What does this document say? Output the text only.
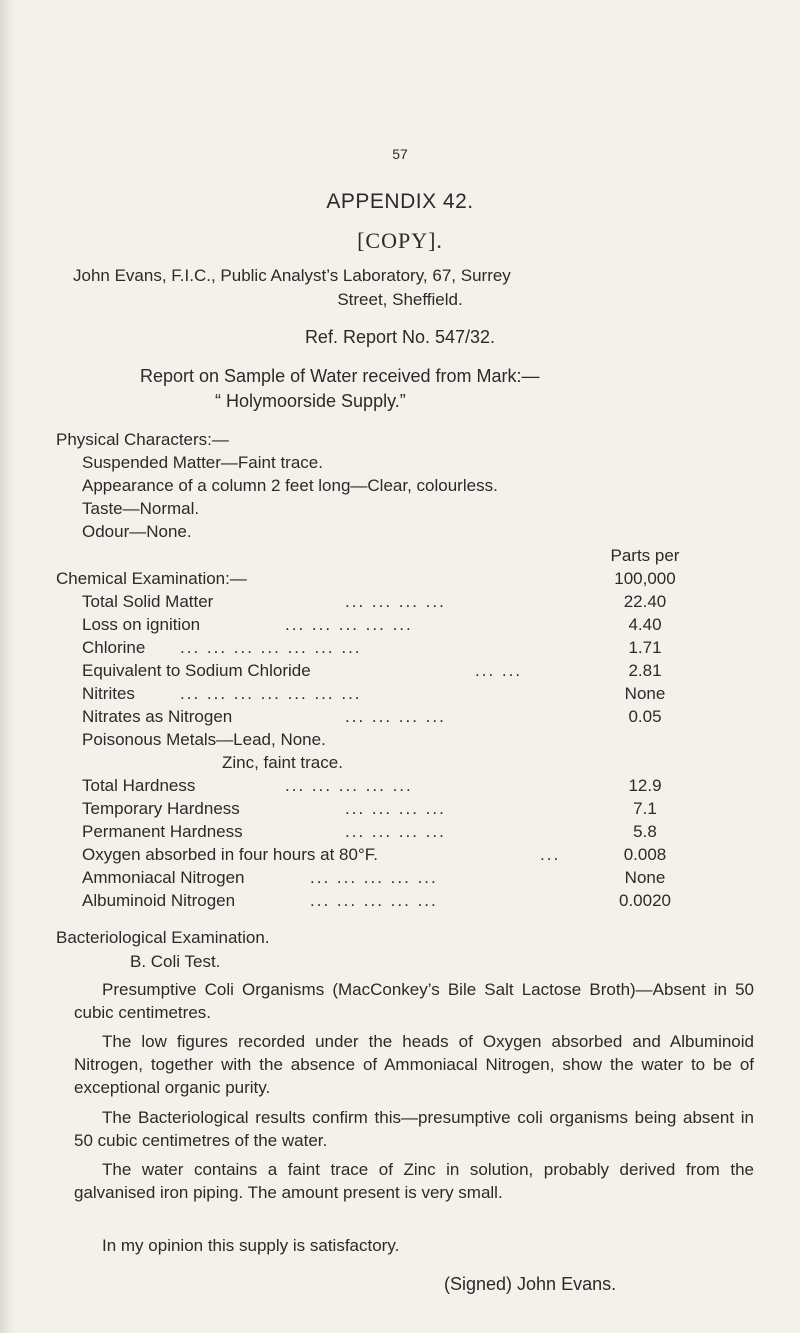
57
APPENDIX 42.
[COPY].
John Evans, F.I.C., Public Analyst’s Laboratory, 67, Surrey
Street, Sheffield.
Ref. Report No. 547/32.
Report on Sample of Water received from Mark:—
“ Holymoorside Supply.”
Physical Characters:—
Suspended Matter—Faint trace.
Appearance of a column 2 feet long—Clear, colourless.
Taste—Normal.
Odour—None.
Parts per
100,000
Chemical Examination:—
Total Solid Matter	... ... ... ...	22.40
Loss on ignition	... ... ... ... ...	4.40
Chlorine ... ... ... ... ... ... ...	1.71
Equivalent to Sodium Chloride	... ...	2.81
Nitrites	... ... ... ... ... ... ...	None
Nitrates as Nitrogen	... ... ... ...	0.05
Poisonous Metals—Lead, None.
Zinc, faint trace.
Total Hardness	... ... ... ... ...	12.9
Temporary Hardness	... ... ... ...	7.1
Permanent Hardness	... ... ... ...	5.8
Oxygen absorbed in four hours at 80°F.	...	0.008
Ammoniacal Nitrogen	... ... ... ... ...	None
Albuminoid Nitrogen	... ... ... ... ...	0.0020
Bacteriological Examination.
B. Coli Test.
Presumptive Coli Organisms (MacConkey’s Bile Salt Lactose Broth)—Absent in 50 cubic centimetres.
The low figures recorded under the heads of Oxygen absorbed and Albuminoid Nitrogen, together with the absence of Ammoniacal Nitrogen, show the water to be of exceptional organic purity.
The Bacteriological results confirm this—presumptive coli organisms being absent in 50 cubic centimetres of the water.
The water contains a faint trace of Zinc in solution, probably derived from the galvanised iron piping. The amount present is very small.
In my opinion this supply is satisfactory.
(Signed) John Evans.
